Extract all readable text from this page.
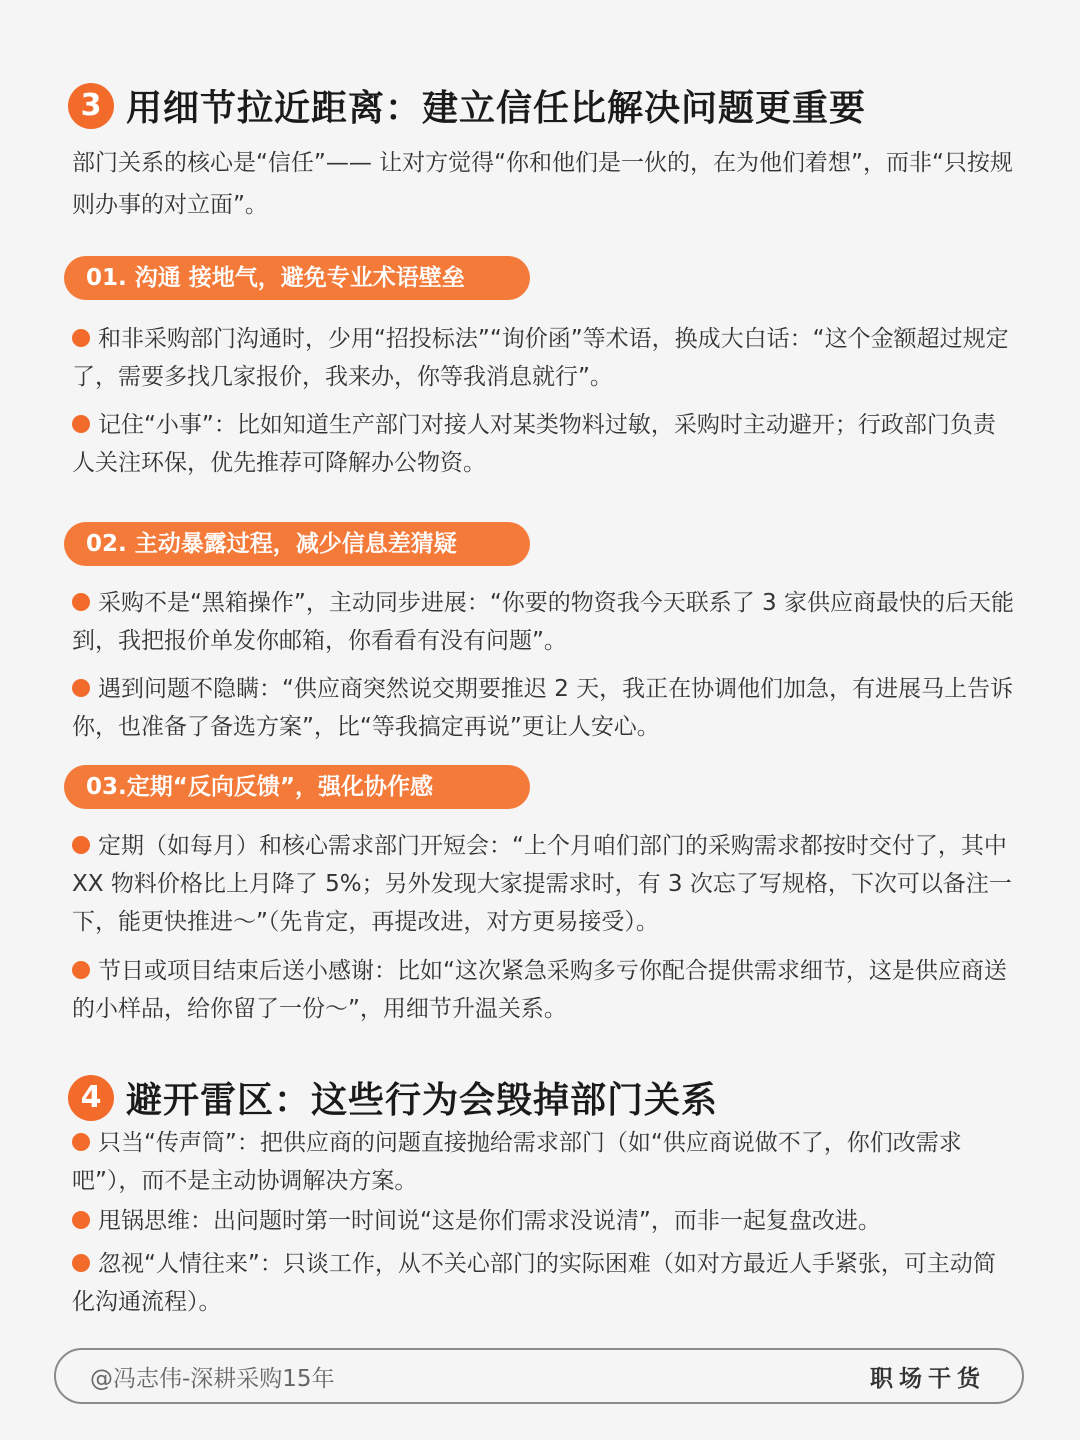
3 用细节拉近距离：建立信任比解决问题更重要
部门关系的核心是“信任”—— 让对方觉得“你和他们是一伙的，在为他们着想”，而非“只按规则办事的对立面”。
01. 沟通 接地气，避免专业术语壁垒

和非采购部门沟通时，少用“招投标法”“询价函”等术语，换成大白话：“这个金额超过规定了，需要多找几家报价，我来办，你等我消息就行”。

记住“小事”：比如知道生产部门对接人对某类物料过敏，采购时主动避开；行政部门负责人关注环保，优先推荐可降解办公物资。

02. 主动暴露过程，减少信息差猜疑

采购不是“黑箱操作”，主动同步进展：“你要的物资我今天联系了 3 家供应商最快的后天能到，我把报价单发你邮箱，你看看有没有问题”。

遇到问题不隐瞒：“供应商突然说交期要推迟 2 天，我正在协调他们加急，有进展马上告诉你，也准备了备选方案”，比“等我搞定再说”更让人安心。

03.定期“反向反馈”，强化协作感

定期（如每月）和核心需求部门开短会：“上个月咱们部门的采购需求都按时交付了，其中 XX 物料价格比上月降了 5%；另外发现大家提需求时，有 3 次忘了写规格，下次可以备注一下，能更快推进～”（先肯定，再提改进，对方更易接受）。

节日或项目结束后送小感谢：比如“这次紧急采购多亏你配合提供需求细节，这是供应商送的小样品，给你留了一份～”，用细节升温关系。

4 避开雷区：这些行为会毁掉部门关系

只当“传声筒”：把供应商的问题直接抛给需求部门（如“供应商说做不了，你们改需求吧”），而不是主动协调解决方案。

甩锅思维：出问题时第一时间说“这是你们需求没说清”，而非一起复盘改进。

忽视“人情往来”：只谈工作，从不关心部门的实际困难（如对方最近人手紧张，可主动简化沟通流程）。

@冯志伟-深耕采购15年	职场干货
